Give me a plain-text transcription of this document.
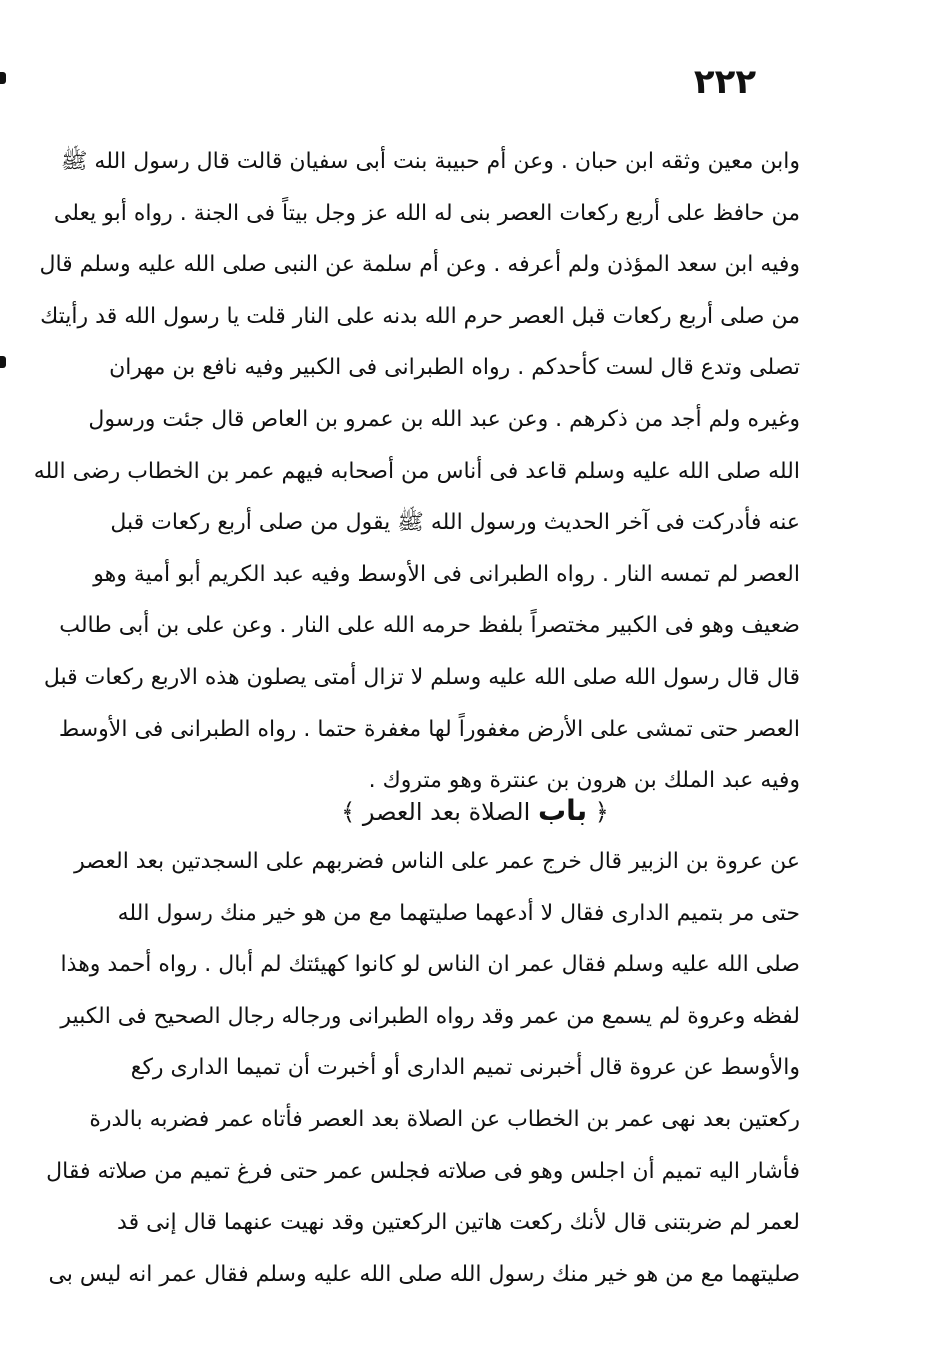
٢٢٢
وابن معين وثقه ابن حبان . وعن أم حبيبة بنت أبى سفيان قالت قال رسول الله ﷺ
من حافظ على أربع ركعات العصر بنى له الله عز وجل بيتاً فى الجنة . رواه أبو يعلى
وفيه ابن سعد المؤذن ولم أعرفه . وعن أم سلمة عن النبى صلى الله عليه وسلم قال
من صلى أربع ركعات قبل العصر حرم الله بدنه على النار قلت يا رسول الله قد رأيتك
تصلى وتدع قال لست كأحدكم . رواه الطبرانى فى الكبير وفيه نافع بن مهران
وغيره ولم أجد من ذكرهم . وعن عبد الله بن عمرو بن العاص قال جئت ورسول
الله صلى الله عليه وسلم قاعد فى أناس من أصحابه فيهم عمر بن الخطاب رضى الله
عنه فأدركت فى آخر الحديث ورسول الله ﷺ يقول من صلى أربع ركعات قبل
العصر لم تمسه النار . رواه الطبرانى فى الأوسط وفيه عبد الكريم أبو أمية وهو
ضعيف وهو فى الكبير مختصراً بلفظ حرمه الله على النار . وعن على بن أبى طالب
قال قال رسول الله صلى الله عليه وسلم لا تزال أمتى يصلون هذه الاربع ركعات قبل
العصر حتى تمشى على الأرض مغفوراً لها مغفرة حتما . رواه الطبرانى فى الأوسط
وفيه عبد الملك بن هرون بن عنترة وهو متروك .
﴿ باب الصلاة بعد العصر ﴾
عن عروة بن الزبير قال خرج عمر على الناس فضربهم على السجدتين بعد العصر
حتى مر بتميم الدارى فقال لا أدعهما صليتهما مع من هو خير منك رسول الله
صلى الله عليه وسلم فقال عمر ان الناس لو كانوا كهيئتك لم أبال . رواه أحمد وهذا
لفظه وعروة لم يسمع من عمر وقد رواه الطبرانى ورجاله رجال الصحيح فى الكبير
والأوسط عن عروة قال أخبرنى تميم الدارى أو أخبرت أن تميما الدارى ركع
ركعتين بعد نهى عمر بن الخطاب عن الصلاة بعد العصر فأتاه عمر فضربه بالدرة
فأشار اليه تميم أن اجلس وهو فى صلاته فجلس عمر حتى فرغ تميم من صلاته فقال
لعمر لم ضربتنى قال لأنك ركعت هاتين الركعتين وقد نهيت عنهما قال إنى قد
صليتهما مع من هو خير منك رسول الله صلى الله عليه وسلم فقال عمر انه ليس بى
